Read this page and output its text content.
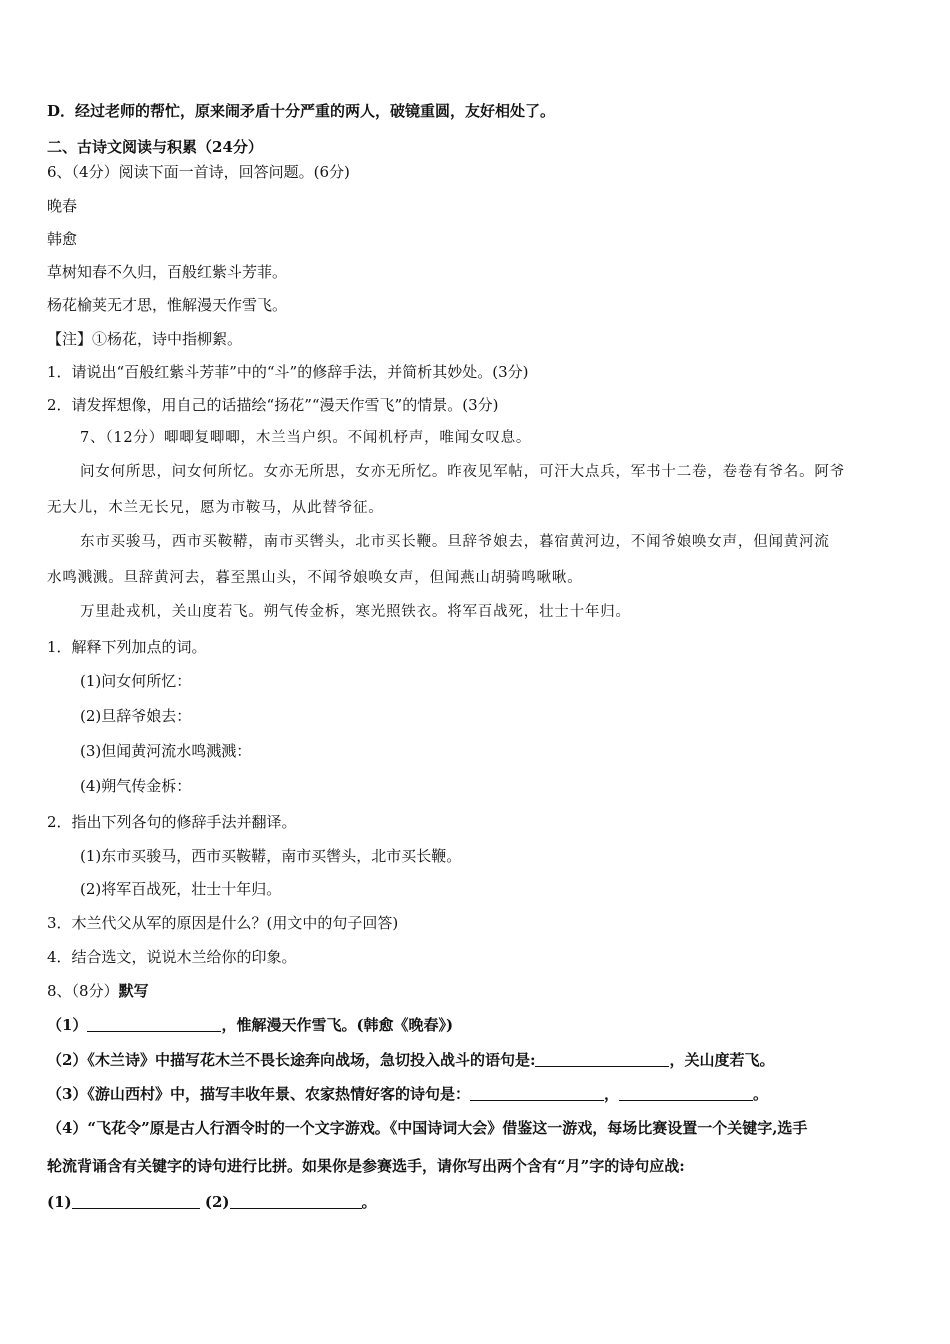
D．经过老师的帮忙，原来闹矛盾十分严重的两人，破镜重圆，友好相处了。
二、古诗文阅读与积累（24分）
6、（4分）阅读下面一首诗，回答问题。(6分)
晚春
韩愈
草树知春不久归，百般红紫斗芳菲。
杨花榆荚无才思，惟解漫天作雪飞。
【注】①杨花，诗中指柳絮。
1．请说出“百般红紫斗芳菲”中的“斗”的修辞手法，并简析其妙处。(3分)
2．请发挥想像，用自己的话描绘“扬花”“漫天作雪飞”的情景。(3分)
7、（12分）唧唧复唧唧，木兰当户织。不闻机杼声，唯闻女叹息。
问女何所思，问女何所忆。女亦无所思，女亦无所忆。昨夜见军帖，可汗大点兵，军书十二卷，卷卷有爷名。阿爷
无大儿，木兰无长兄，愿为市鞍马，从此替爷征。
东市买骏马，西市买鞍鞯，南市买辔头，北市买长鞭。旦辞爷娘去，暮宿黄河边，不闻爷娘唤女声，但闻黄河流
水鸣溅溅。旦辞黄河去，暮至黑山头，不闻爷娘唤女声，但闻燕山胡骑鸣啾啾。
万里赴戎机，关山度若飞。朔气传金柝，寒光照铁衣。将军百战死，壮士十年归。
1．解释下列加点的词。
(1)问女何所忆：
(2)旦辞爷娘去：
(3)但闻黄河流水鸣溅溅：
(4)朔气传金柝：
2．指出下列各句的修辞手法并翻译。
(1)东市买骏马，西市买鞍鞯，南市买辔头，北市买长鞭。
(2)将军百战死，壮士十年归。
3．木兰代父从军的原因是什么？(用文中的句子回答)
4．结合选文，说说木兰给你的印象。
8、（8分）默写
（1）	，惟解漫天作雪飞。(韩愈《晚春》)
（2）《木兰诗》中描写花木兰不畏长途奔向战场，急切投入战斗的语句是:	，关山度若飞。
（3）《游山西村》中，描写丰收年景、农家热情好客的诗句是：	，	。
（4）“飞花令”原是古人行酒令时的一个文字游戏。《中国诗词大会》借鉴这一游戏，每场比赛设置一个关键字,选手
轮流背诵含有关键字的诗句进行比拼。如果你是参赛选手，请你写出两个含有“月”字的诗句应战:
(1)	(2)	。
